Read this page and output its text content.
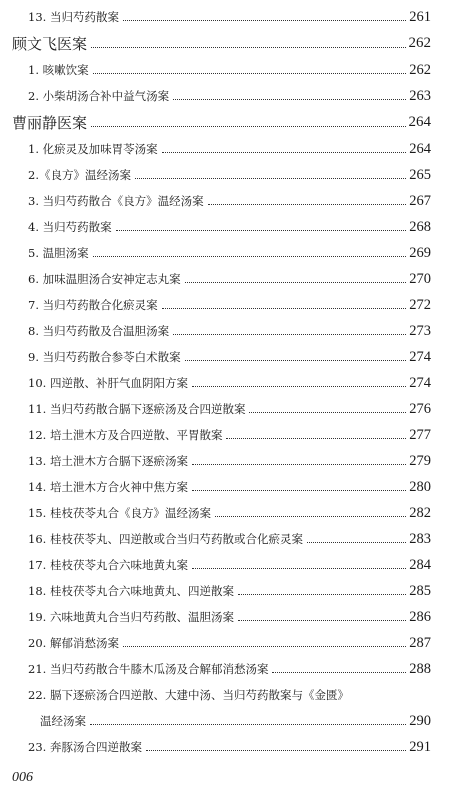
13. 当归芍药散案	261
顾文飞医案	262
1. 咳嗽饮案	262
2. 小柴胡汤合补中益气汤案	263
曹丽静医案	264
1. 化瘀灵及加味胃苓汤案	264
2.《良方》温经汤案	265
3. 当归芍药散合《良方》温经汤案	267
4. 当归芍药散案	268
5. 温胆汤案	269
6. 加味温胆汤合安神定志丸案	270
7. 当归芍药散合化瘀灵案	272
8. 当归芍药散及合温胆汤案	273
9. 当归芍药散合参苓白术散案	274
10. 四逆散、补肝气血阴阳方案	274
11. 当归芍药散合膈下逐瘀汤及合四逆散案	276
12. 培土泄木方及合四逆散、平胃散案	277
13. 培土泄木方合膈下逐瘀汤案	279
14. 培土泄木方合火神中焦方案	280
15. 桂枝茯苓丸合《良方》温经汤案	282
16. 桂枝茯苓丸、四逆散或合当归芍药散或合化瘀灵案	283
17. 桂枝茯苓丸合六味地黄丸案	284
18. 桂枝茯苓丸合六味地黄丸、四逆散案	285
19. 六味地黄丸合当归芍药散、温胆汤案	286
20. 解郁消愁汤案	287
21. 当归芍药散合牛膝木瓜汤及合解郁消愁汤案	288
22. 膈下逐瘀汤合四逆散、大建中汤、当归芍药散案与《金匮》
温经汤案	290
23. 奔豚汤合四逆散案	291
006
